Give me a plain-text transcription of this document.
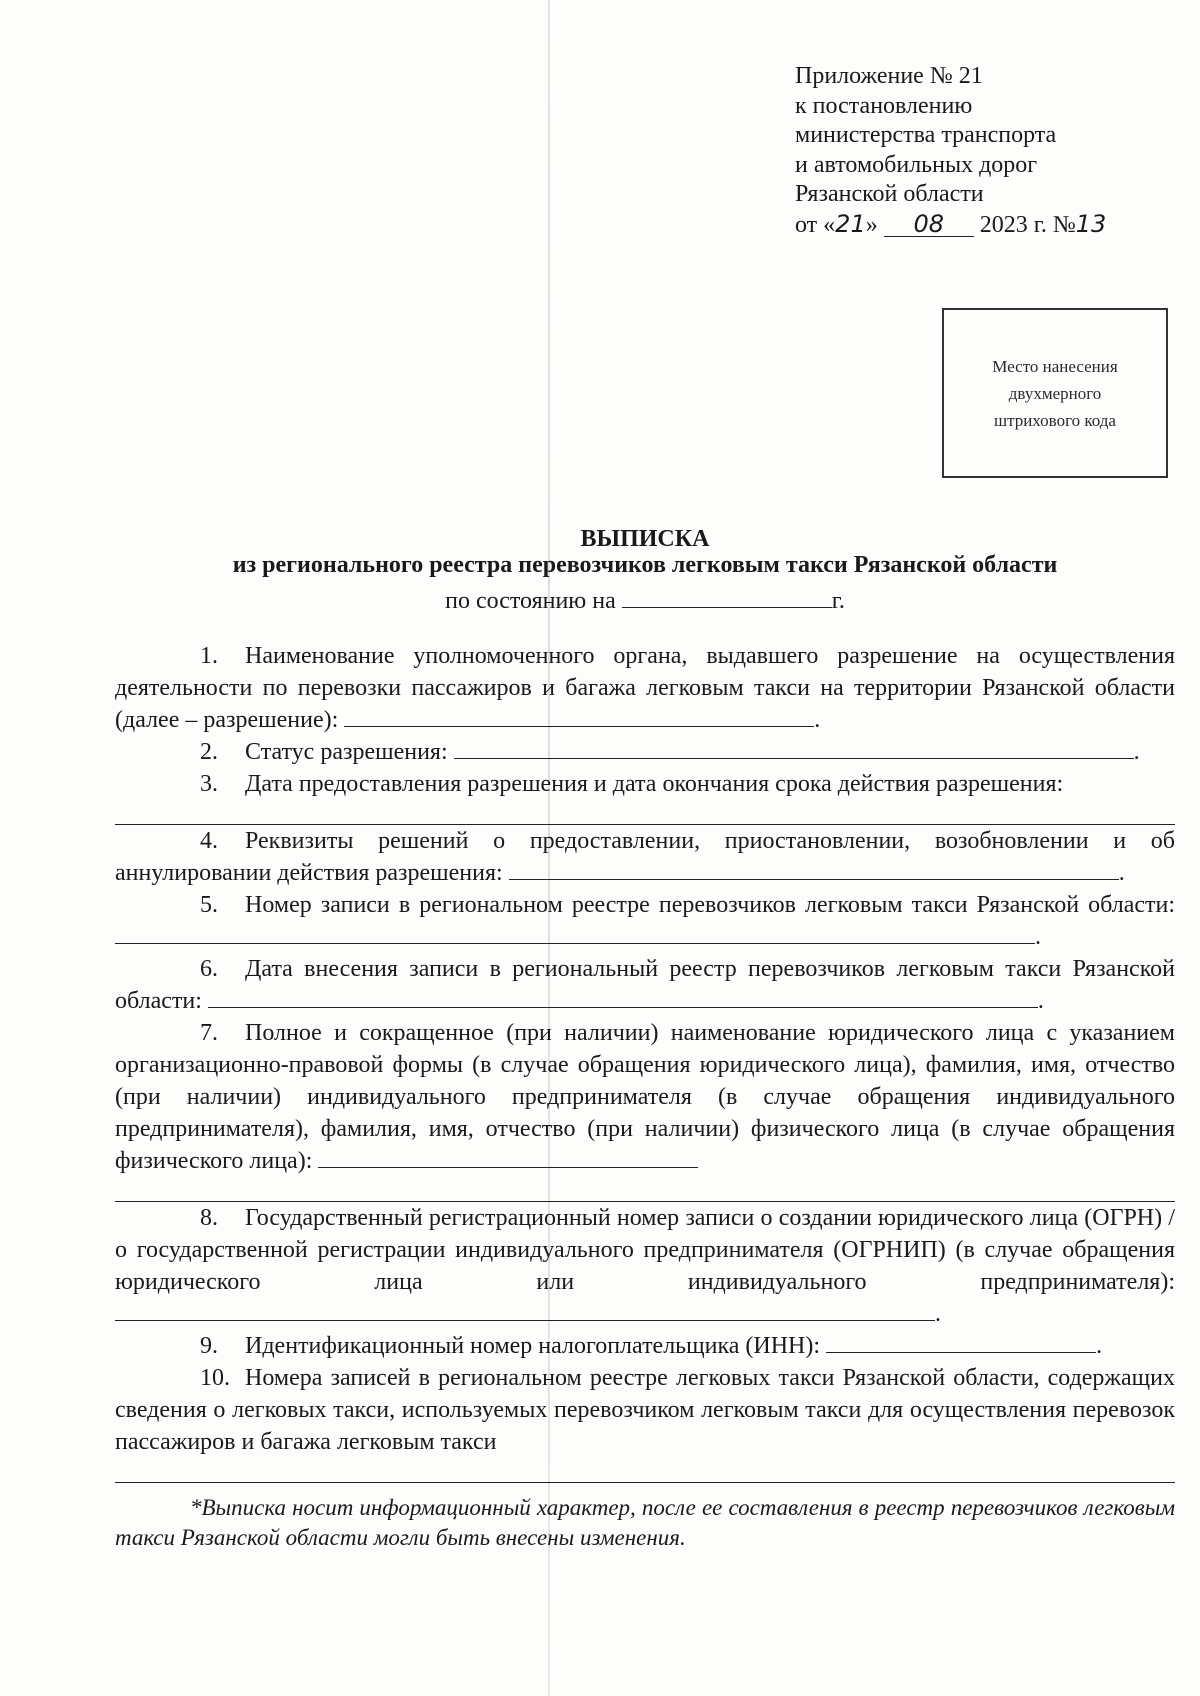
Приложение № 21
к постановлению
министерства транспорта
и автомобильных дорог
Рязанской области
от «21» 08 2023 г. №13
Место нанесения
двухмерного
штрихового кода
ВЫПИСКА
из регионального реестра перевозчиков легковым такси Рязанской области
по состоянию на	г.

1. Наименование уполномоченного органа, выдавшего разрешение на осуществления деятельности по перевозки пассажиров и багажа легковым такси на территории Рязанской области (далее – разрешение):	.

2. Статус разрешения:	.

3. Дата предоставления разрешения и дата окончания срока действия разрешения:

4. Реквизиты решений о предоставлении, приостановлении, возобновлении и об аннулировании действия разрешения:	.

5. Номер записи в региональном реестре перевозчиков легковым такси Рязанской области: .

6. Дата внесения записи в региональный реестр перевозчиков легковым такси Рязанской области:	.

7. Полное и сокращенное (при наличии) наименование юридического лица с указанием организационно-правовой формы (в случае обращения юридического лица), фамилия, имя, отчество (при наличии) индивидуального предпринимателя (в случае обращения индивидуального предпринимателя), фамилия, имя, отчество (при наличии) физического лица (в случае обращения физического лица):

8. Государственный регистрационный номер записи о создании юридического лица (ОГРН) / о государственной регистрации индивидуального предпринимателя (ОГРНИП) (в случае обращения юридического лица или индивидуального предпринимателя): .

9. Идентификационный номер налогоплательщика (ИНН):	.

10. Номера записей в региональном реестре легковых такси Рязанской области, содержащих сведения о легковых такси, используемых перевозчиком легковым такси для осуществления перевозок пассажиров и багажа легковым такси

*Выписка носит информационный характер, после ее составления в реестр перевозчиков легковым такси Рязанской области могли быть внесены изменения.
